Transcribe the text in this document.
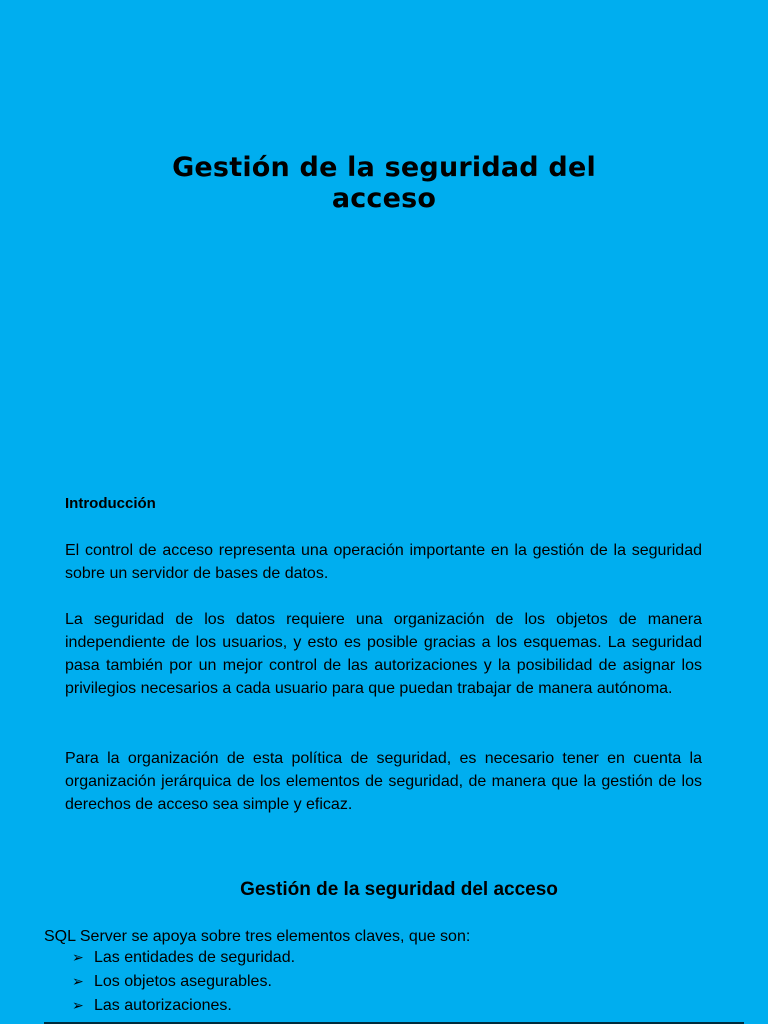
Gestión de la seguridad del acceso

Introducción

El control de acceso representa una operación importante en la gestión de la seguridad sobre un servidor de bases de datos.

La seguridad de los datos requiere una organización de los objetos de manera independiente de los usuarios, y esto es posible gracias a los esquemas. La seguridad pasa también por un mejor control de las autorizaciones y la posibilidad de asignar los privilegios necesarios a cada usuario para que puedan trabajar de manera autónoma.

Para la organización de esta política de seguridad, es necesario tener en cuenta la organización jerárquica de los elementos de seguridad, de manera que la gestión de los derechos de acceso sea simple y eficaz.

Gestión de la seguridad del acceso

SQL Server se apoya sobre tres elementos claves, que son:

➢ Las entidades de seguridad.
➢ Los objetos asegurables.
➢ Las autorizaciones.
